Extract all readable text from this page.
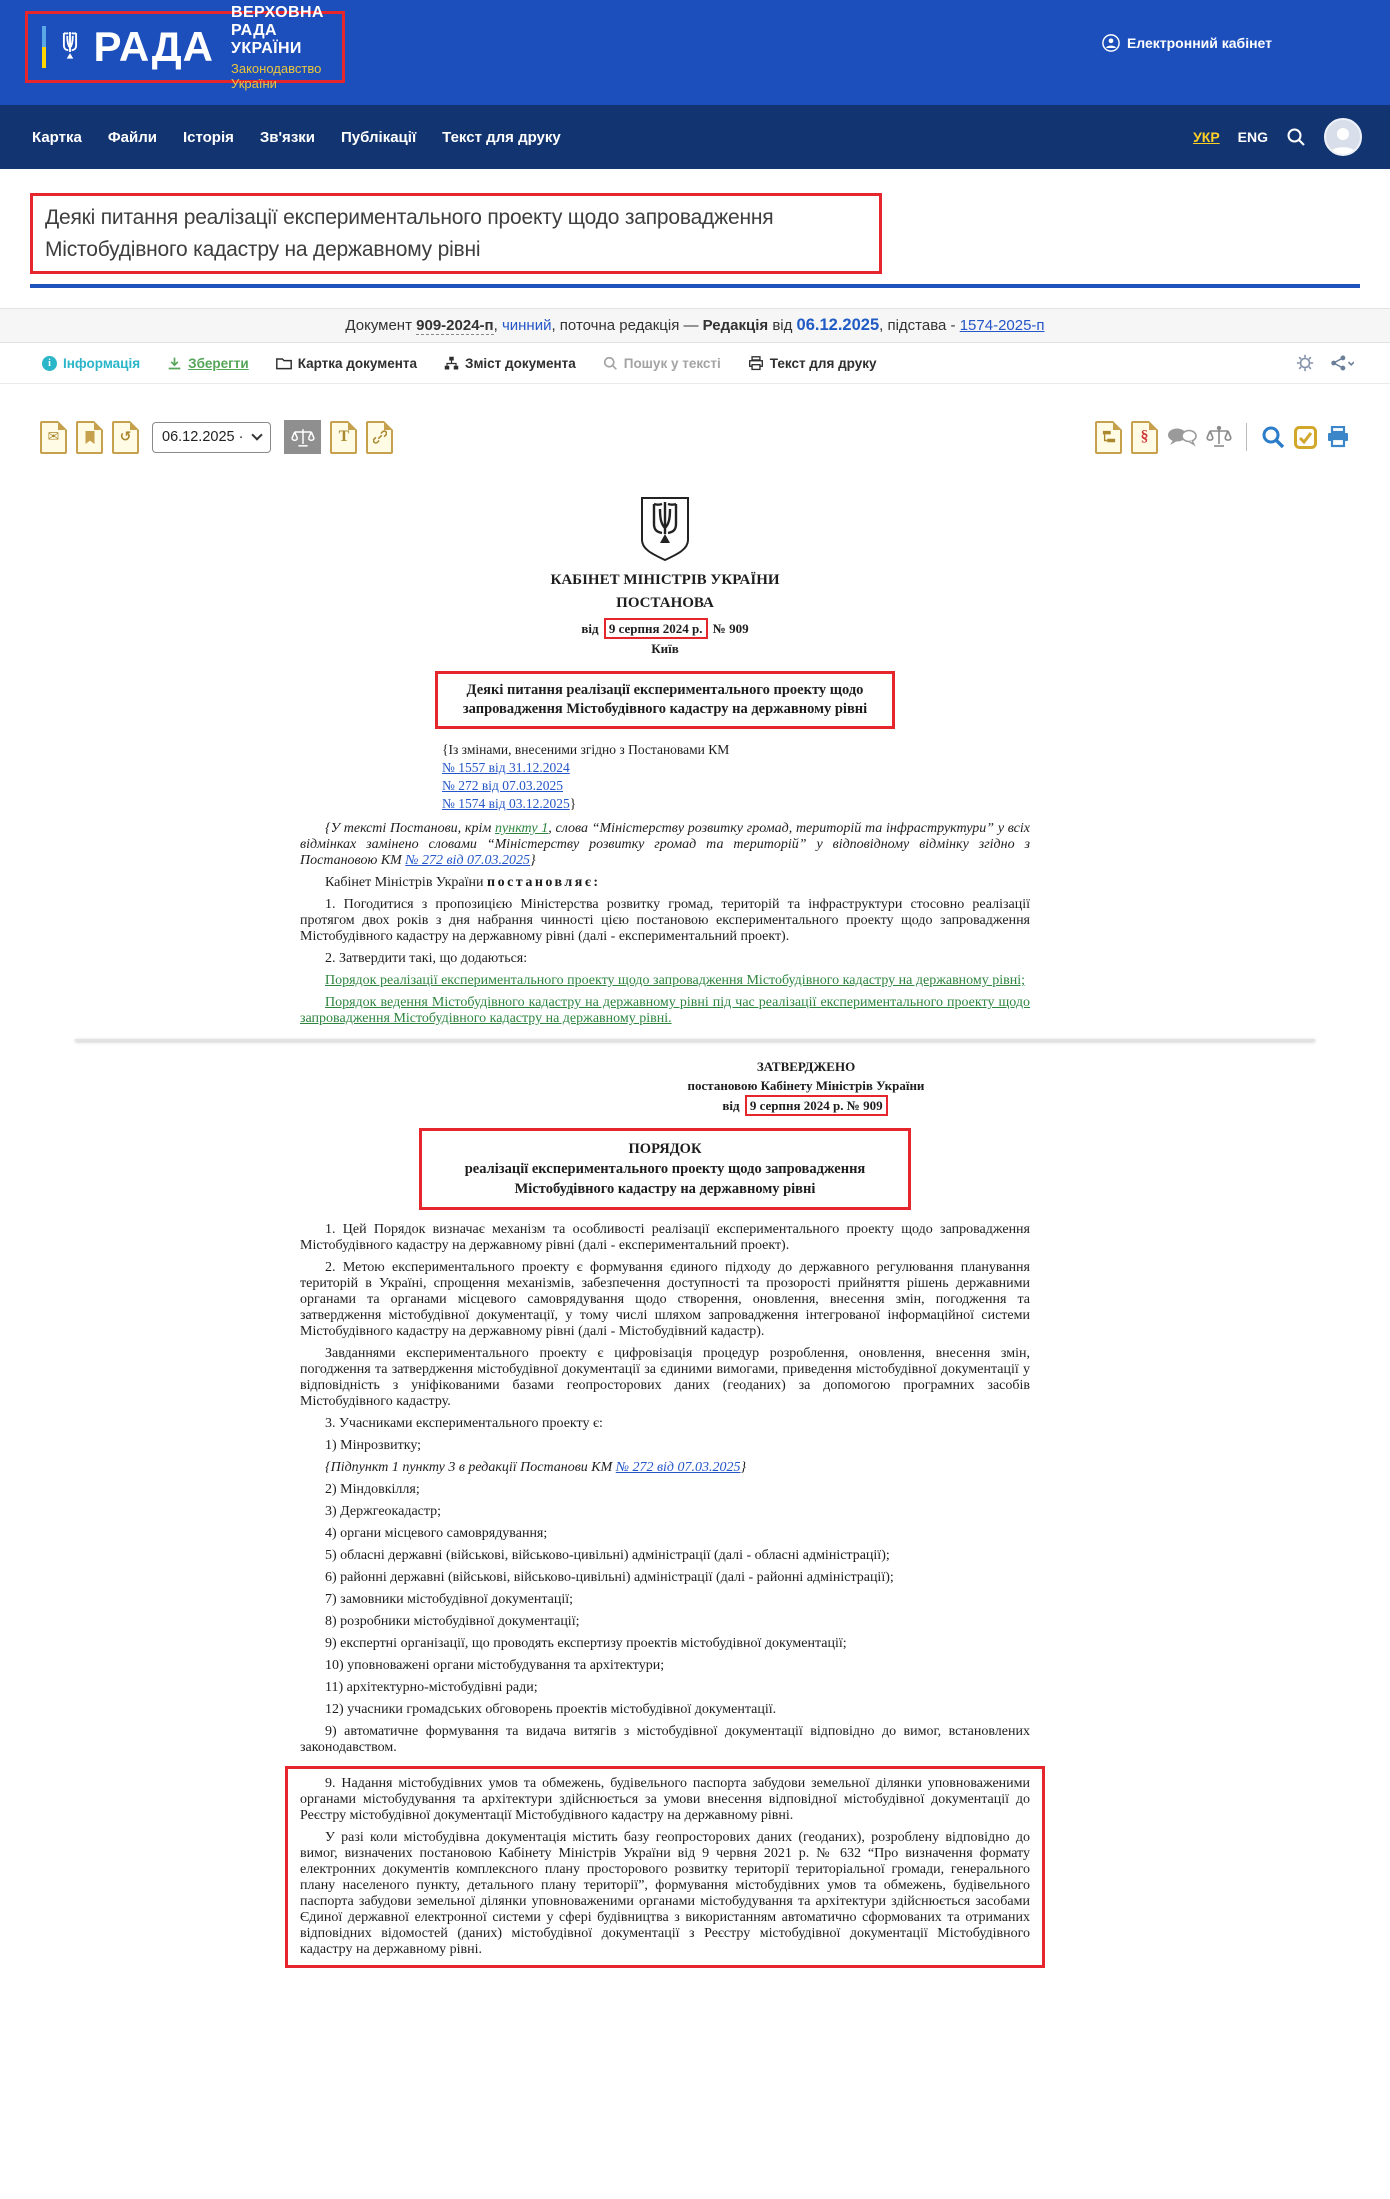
РАДА
ВЕРХОВНА РАДА УКРАЇНИ
Законодавство України
Електронний кабінет
Картка Файли Історія Зв'язки Публікації Текст для друку	УКР ENG
Деякі питання реалізації експериментального проекту щодо запровадження Містобудівного кадастру на державному рівні
Документ 909-2024-п , чинний , поточна редакція — Редакція від 06.12.2025 , підстава - 1574-2025-п
i Інформація	Зберегти	Картка документа	Зміст документа	Пошук у тексті	Текст для друку
✉	↺ 06.12.2025 ·	T	§
КАБІНЕТ МІНІСТРІВ УКРАЇНИ
ПОСТАНОВА
від 9 серпня 2024 р. № 909
Київ
Деякі питання реалізації експериментального проекту щодо запровадження Містобудівного кадастру на державному рівні
{Із змінами, внесеними згідно з Постановами КМ
№ 1557 від 31.12.2024
№ 272 від 07.03.2025
№ 1574 від 03.12.2025}

{У тексті Постанови, крім пункту 1, слова “Міністерству розвитку громад, територій та інфраструктури” у всіх відмінках замінено словами “Міністерству розвитку громад та територій” у відповідному відмінку згідно з Постановою КМ № 272 від 07.03.2025}

Кабінет Міністрів України постановляє:

1. Погодитися з пропозицією Міністерства розвитку громад, територій та інфраструктури стосовно реалізації протягом двох років з дня набрання чинності цією постановою експериментального проекту щодо запровадження Містобудівного кадастру на державному рівні (далі - експериментальний проект).

2. Затвердити такі, що додаються:

Порядок реалізації експериментального проекту щодо запровадження Містобудівного кадастру на державному рівні;

Порядок ведення Містобудівного кадастру на державному рівні під час реалізації експериментального проекту щодо запровадження Містобудівного кадастру на державному рівні.

ЗАТВЕРДЖЕНО
постановою Кабінету Міністрів України
від 9 серпня 2024 р. № 909
ПОРЯДОК
реалізації експериментального проекту щодо запровадження Містобудівного кадастру на державному рівні

1. Цей Порядок визначає механізм та особливості реалізації експериментального проекту щодо запровадження Містобудівного кадастру на державному рівні (далі - експериментальний проект).

2. Метою експериментального проекту є формування єдиного підходу до державного регулювання планування територій в Україні, спрощення механізмів, забезпечення доступності та прозорості прийняття рішень державними органами та органами місцевого самоврядування щодо створення, оновлення, внесення змін, погодження та затвердження містобудівної документації, у тому числі шляхом запровадження інтегрованої інформаційної системи Містобудівного кадастру на державному рівні (далі - Містобудівний кадастр).

Завданнями експериментального проекту є цифровізація процедур розроблення, оновлення, внесення змін, погодження та затвердження містобудівної документації за єдиними вимогами, приведення містобудівної документації у відповідність з уніфікованими базами геопросторових даних (геоданих) за допомогою програмних засобів Містобудівного кадастру.

3. Учасниками експериментального проекту є:

1) Мінрозвитку;

{Підпункт 1 пункту 3 в редакції Постанови КМ № 272 від 07.03.2025}

2) Міндовкілля;

3) Держгеокадастр;

4) органи місцевого самоврядування;

5) обласні державні (військові, військово-цивільні) адміністрації (далі - обласні адміністрації);

6) районні державні (військові, військово-цивільні) адміністрації (далі - районні адміністрації);

7) замовники містобудівної документації;

8) розробники містобудівної документації;

9) експертні організації, що проводять експертизу проектів містобудівної документації;

10) уповноважені органи містобудування та архітектури;

11) архітектурно-містобудівні ради;

12) учасники громадських обговорень проектів містобудівної документації.

9) автоматичне формування та видача витягів з містобудівної документації відповідно до вимог, встановлених законодавством.

9. Надання містобудівних умов та обмежень, будівельного паспорта забудови земельної ділянки уповноваженими органами містобудування та архітектури здійснюється за умови внесення відповідної містобудівної документації до Реєстру містобудівної документації Містобудівного кадастру на державному рівні.

У разі коли містобудівна документація містить базу геопросторових даних (геоданих), розроблену відповідно до вимог, визначених постановою Кабінету Міністрів України від 9 червня 2021 р. № 632 “Про визначення формату електронних документів комплексного плану просторового розвитку території територіальної громади, генерального плану населеного пункту, детального плану території”, формування містобудівних умов та обмежень, будівельного паспорта забудови земельної ділянки уповноваженими органами містобудування та архітектури здійснюється засобами Єдиної державної електронної системи у сфері будівництва з використанням автоматично сформованих та отриманих відповідних відомостей (даних) містобудівної документації з Реєстру містобудівної документації Містобудівного кадастру на державному рівні.
